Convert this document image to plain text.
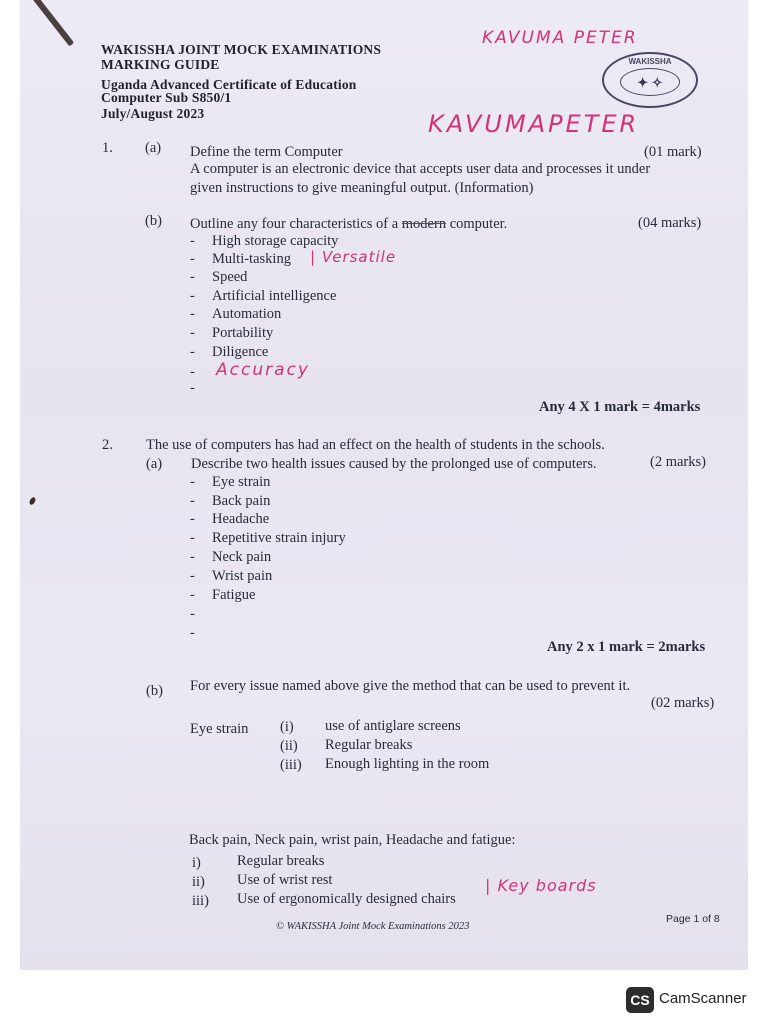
WAKISSHA JOINT MOCK EXAMINATIONS
MARKING GUIDE
Uganda Advanced Certificate of Education
Computer Sub S850/1
July/August 2023
KAVUMA PETER
KAVUMAPETER
WAKISSHA
✦ ✧
1. (a) Define the term Computer	(01 mark)
A computer is an electronic device that accepts user data and processes it under
given instructions to give meaningful output. (Information)
(b) Outline any four characteristics of a modern computer.	(04 marks)
- High storage capacity
- Multi-tasking | Versatile
- Speed
- Artificial intelligence
- Automation
- Portability
- Diligence
- Accuracy
-
Any 4 X 1 mark = 4marks
2. The use of computers has had an effect on the health of students in the schools.
(a) Describe two health issues caused by the prolonged use of computers.	(2 marks)
- Eye strain
- Back pain
- Headache
- Repetitive strain injury
- Neck pain
- Wrist pain
- Fatigue
-
-
Any 2 x 1 mark = 2marks
(b) For every issue named above give the method that can be used to prevent it.
(02 marks)
Eye strain (i) use of antiglare screens
(ii) Regular breaks
(iii) Enough lighting in the room
Back pain, Neck pain, wrist pain, Headache and fatigue:
i) Regular breaks
ii) Use of wrist rest
iii) Use of ergonomically designed chairs
| Key boards
© WAKISSHA Joint Mock Examinations 2023
Page 1 of 8
CS CamScanner
